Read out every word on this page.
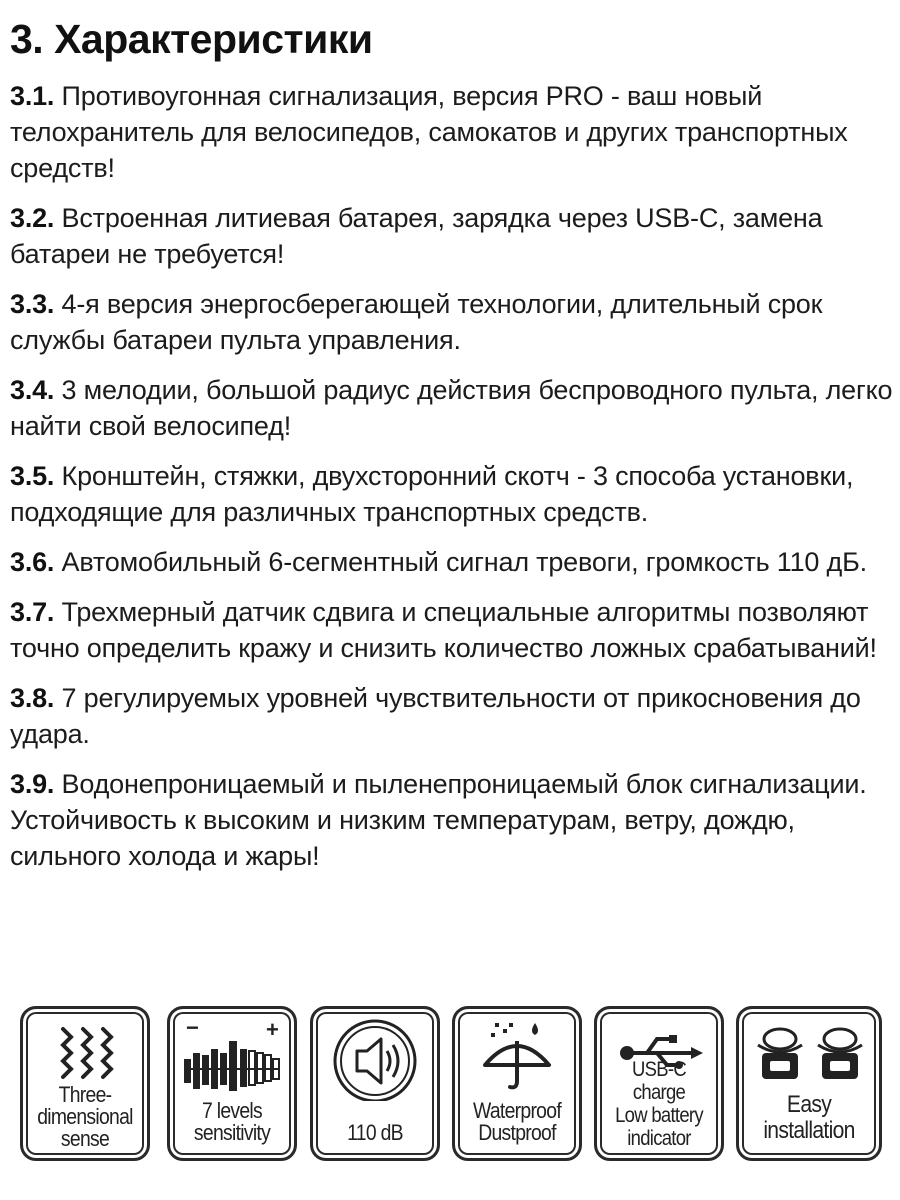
3. Характеристики
3.1. Противоугонная сигнализация, версия PRO - ваш новый телохранитель для велосипедов, самокатов и других транспортных средств!
3.2. Встроенная литиевая батарея, зарядка через USB-C, замена батареи не требуется!
3.3. 4-я версия энергосберегающей технологии, длительный срок службы батареи пульта управления.
3.4. 3 мелодии, большой радиус действия беспроводного пульта, легко найти свой велосипед!
3.5. Кронштейн, стяжки, двухсторонний скотч - 3 способа установки, подходящие для различных транспортных средств.
3.6. Автомобильный 6-сегментный сигнал тревоги, громкость 110 дБ.
3.7. Трехмерный датчик сдвига и специальные алгоритмы позволяют точно определить кражу и снизить количество ложных срабатываний!
3.8. 7 регулируемых уровней чувствительности от прикосновения до удара.
3.9. Водонепроницаемый и пыленепроницаемый блок сигнализации. Устойчивость к высоким и низким температурам, ветру, дождю, сильного холода и жары!
Three-
dimensional
sense
−	+
7 levels
sensitivity	110 dB
Waterproof
Dustproof
USB-C charge
Low battery
indicator
Easy
installation
